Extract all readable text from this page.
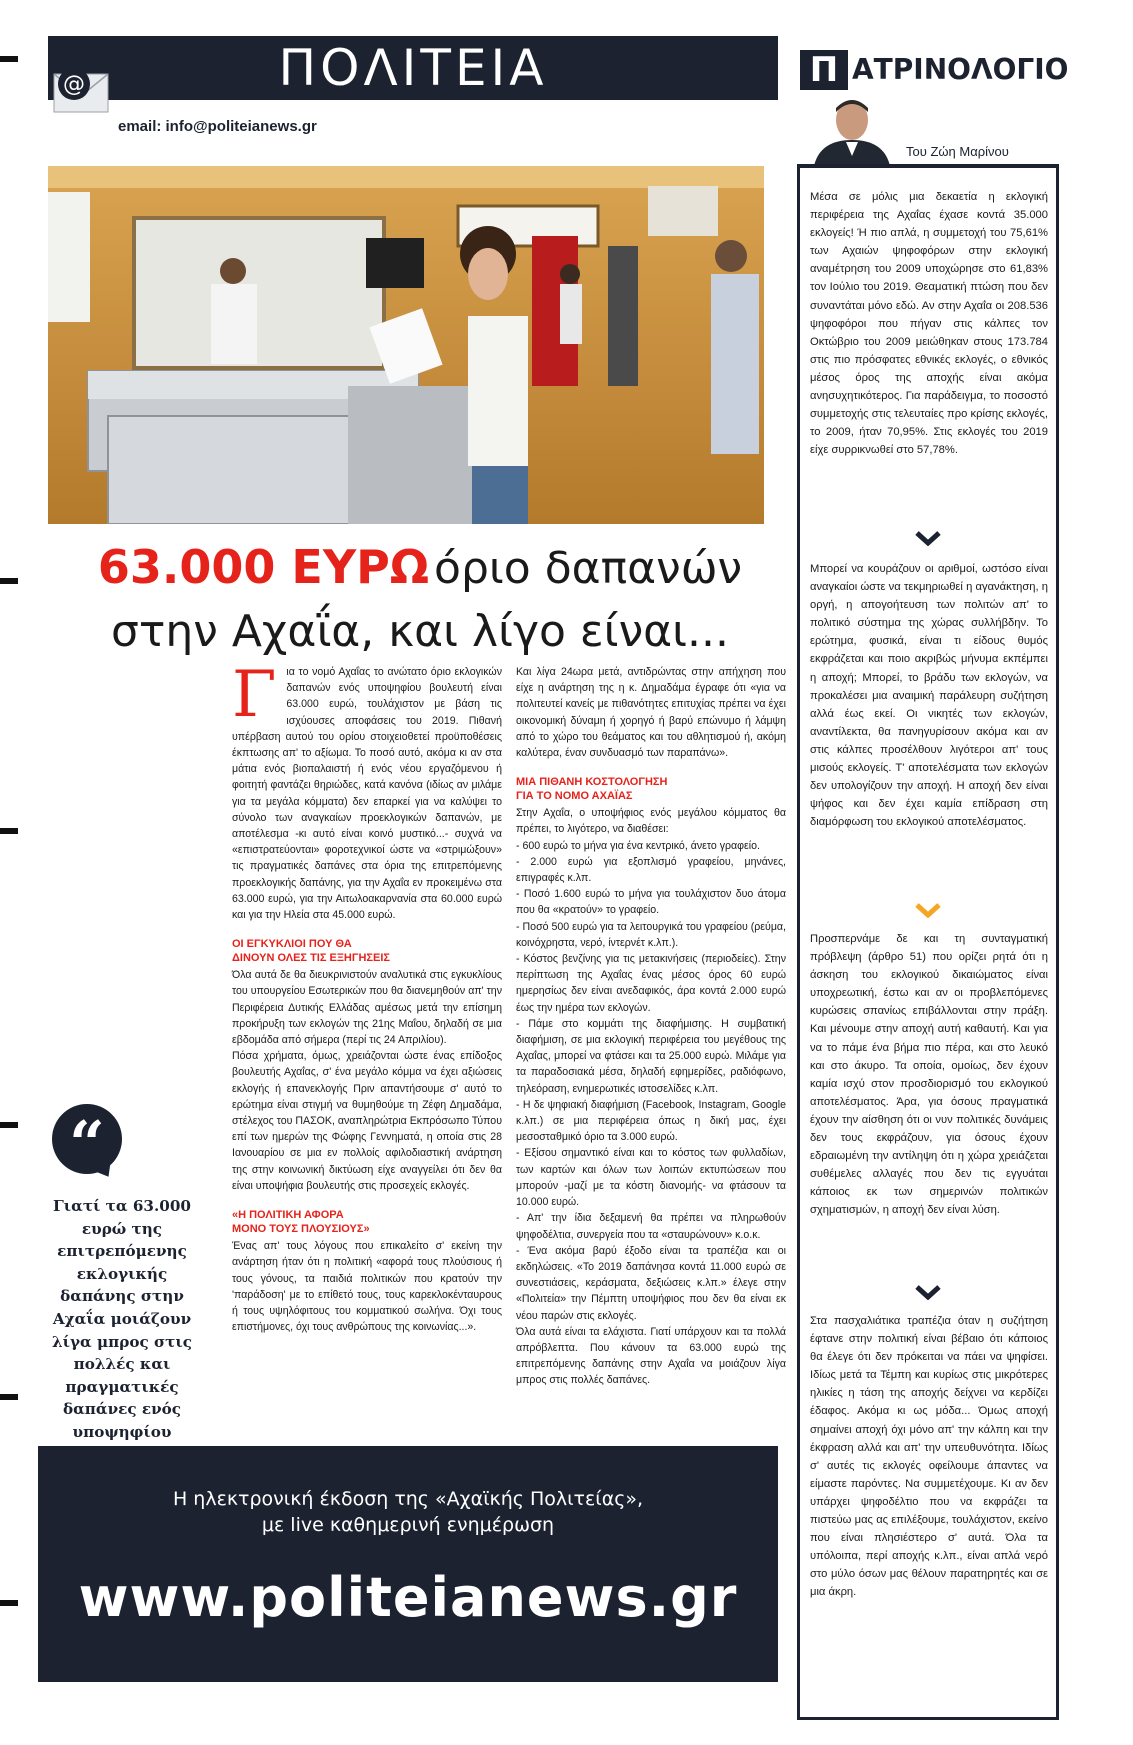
ΠΟΛΙΤΕΙΑ
@
email: info@politeianews.gr
63.000 ΕΥΡΩ όριο δαπανών
στην Αχαΐα, και λίγο είναι...
Γ ια το νομό Αχαΐας το ανώτατο όριο εκλογικών δαπανών ενός υποψηφίου βουλευτή είναι 63.000 ευρώ, τουλάχιστον με βάση τις ισχύουσες αποφάσεις του 2019. Πιθανή υπέρβαση αυτού του ορίου στοιχειοθετεί προϋποθέσεις έκπτωσης απ' το αξίωμα. Το ποσό αυτό, ακόμα κι αν στα μάτια ενός βιοπαλαιστή ή ενός νέου εργαζόμενου ή φοιτητή φαντάζει θηριώδες, κατά κανόνα (ιδίως αν μιλάμε για τα μεγάλα κόμματα) δεν επαρκεί για να καλύψει το σύνολο των αναγκαίων προεκλογικών δαπανών, με αποτέλεσμα -κι αυτό είναι κοινό μυστικό...- συχνά να «επιστρατεύονται» φοροτεχνικοί ώστε να «στριμώξουν» τις πραγματικές δαπάνες στα όρια της επιτρεπόμενης προεκλογικής δαπάνης, για την Αχαΐα εν προκειμένω στα 63.000 ευρώ, για την Αιτωλοακαρνανία στα 60.000 ευρώ και για την Ηλεία στα 45.000 ευρώ.

ΟΙ ΕΓΚΥΚΛΙΟΙ ΠΟΥ ΘΑ
ΔΙΝΟΥΝ ΟΛΕΣ ΤΙΣ ΕΞΗΓΗΣΕΙΣ

Όλα αυτά δε θα διευκρινιστούν αναλυτικά στις εγκυκλίους του υπουργείου Εσωτερικών που θα διανεμηθούν απ' την Περιφέρεια Δυτικής Ελλάδας αμέσως μετά την επίσημη προκήρυξη των εκλογών της 21ης Μαΐου, δηλαδή σε μια εβδομάδα από σήμερα (περί τις 24 Απριλίου).

Πόσα χρήματα, όμως, χρειάζονται ώστε ένας επίδοξος βουλευτής Αχαΐας, σ' ένα μεγάλο κόμμα να έχει αξιώσεις εκλογής ή επανεκλογής Πριν απαντήσουμε σ' αυτό το ερώτημα είναι στιγμή να θυμηθούμε τη Ζέφη Δημαδάμα, στέλεχος του ΠΑΣΟΚ, αναπληρώτρια Εκπρόσωπο Τύπου επί των ημερών της Φώφης Γεννηματά, η οποία στις 28 Ιανουαρίου σε μια εν πολλοίς αφιλοδιαστική ανάρτηση της στην κοινωνική δικτύωση είχε αναγγείλει ότι δεν θα είναι υποψήφια βουλευτής στις προσεχείς εκλογές.

«Η ΠΟΛΙΤΙΚΗ ΑΦΟΡΑ
ΜΟΝΟ ΤΟΥΣ ΠΛΟΥΣΙΟΥΣ»

Ένας απ' τους λόγους που επικαλείτο σ' εκείνη την ανάρτηση ήταν ότι η πολιτική «αφορά τους πλούσιους ή τους γόνους, τα παιδιά πολιτικών που κρατούν την 'παράδοση' με το επίθετό τους, τους καρεκλοκένταυρους ή τους υψηλόφιτους του κομματικού σωλήνα. Όχι τους επιστήμονες, όχι τους ανθρώπους της κοινωνίας...».

Και λίγα 24ωρα μετά, αντιδρώντας στην απήχηση που είχε η ανάρτηση της η κ. Δημαδάμα έγραφε ότι «για να πολιτευτεί κανείς με πιθανότητες επιτυχίας πρέπει να έχει οικονομική δύναμη ή χορηγό ή βαρύ επώνυμο ή λάμψη από το χώρο του θεάματος και του αθλητισμού ή, ακόμη καλύτερα, έναν συνδυασμό των παραπάνω».

ΜΙΑ ΠΙΘΑΝΗ ΚΟΣΤΟΛΟΓΗΣΗ
ΓΙΑ ΤΟ ΝΟΜΟ ΑΧΑΪΑΣ

Στην Αχαΐα, ο υποψήφιος ενός μεγάλου κόμματος θα πρέπει, το λιγότερο, να διαθέσει:

- 600 ευρώ το μήνα για ένα κεντρικό, άνετο γραφείο.

- 2.000 ευρώ για εξοπλισμό γραφείου, μηνάνες, επιγραφές κ.λπ.

- Ποσό 1.600 ευρώ το μήνα για τουλάχιστον δυο άτομα που θα «κρατούν» το γραφείο.

- Ποσό 500 ευρώ για τα λειτουργικά του γραφείου (ρεύμα, κοινόχρηστα, νερό, ίντερνέτ κ.λπ.).

- Κόστος βενζίνης για τις μετακινήσεις (περιοδείες). Στην περίπτωση της Αχαΐας ένας μέσος όρος 60 ευρώ ημερησίως δεν είναι ανεδαφικός, άρα κοντά 2.000 ευρώ έως την ημέρα των εκλογών.

- Πάμε στο κομμάτι της διαφήμισης. Η συμβατική διαφήμιση, σε μια εκλογική περιφέρεια του μεγέθους της Αχαΐας, μπορεί να φτάσει και τα 25.000 ευρώ. Μιλάμε για τα παραδοσιακά μέσα, δηλαδή εφημερίδες, ραδιόφωνο, τηλεόραση, ενημερωτικές ιστοσελίδες κ.λπ.

- Η δε ψηφιακή διαφήμιση (Facebook, Instagram, Google κ.λπ.) σε μια περιφέρεια όπως η δική μας, έχει μεσοσταθμικό όριο τα 3.000 ευρώ.

- Εξίσου σημαντικό είναι και το κόστος των φυλλαδίων, των καρτών και όλων των λοιπών εκτυπώσεων που μπορούν -μαζί με τα κόστη διανομής- να φτάσουν τα 10.000 ευρώ.

- Απ' την ίδια δεξαμενή θα πρέπει να πληρωθούν ψηφοδέλτια, συνεργεία που τα «σταυρώνουν» κ.ο.κ.

- Ένα ακόμα βαρύ έξοδο είναι τα τραπέζια και οι εκδηλώσεις. «Το 2019 δαπάνησα κοντά 11.000 ευρώ σε συνεστιάσεις, κεράσματα, δεξιώσεις κ.λπ.» έλεγε στην «Πολιτεία» την Πέμπτη υποψήφιος που δεν θα είναι εκ νέου παρών στις εκλογές.

Όλα αυτά είναι τα ελάχιστα. Γιατί υπάρχουν και τα πολλά απρόβλεπτα. Που κάνουν τα 63.000 ευρώ της επιτρεπόμενης δαπάνης στην Αχαΐα να μοιάζουν λίγα μπρος στις πολλές δαπάνες.

“
Γιατί τα 63.000 ευρώ της επιτρεπόμενης εκλογικής δαπάνης στην Αχαΐα μοιάζουν λίγα μπρος στις πολλές και πραγματικές δαπάνες ενός υποψηφίου
Η ηλεκτρονική έκδοση της «Αχαϊκής Πολιτείας»,
με live καθημερινή ενημέρωση
www.politeianews.gr
Π ΑΤΡΙΝΟΛΟΓΙΟ
Του Ζώη Μαρίνου
Μέσα σε μόλις μια δεκαετία η εκλογική περιφέρεια της Αχαΐας έχασε κοντά 35.000 εκλογείς! Ή πιο απλά, η συμμετοχή του 75,61% των Αχαιών ψηφοφόρων στην εκλογική αναμέτρηση του 2009 υποχώρησε στο 61,83% τον Ιούλιο του 2019. Θεαματική πτώση που δεν συναντάται μόνο εδώ. Αν στην Αχαΐα οι 208.536 ψηφοφόροι που πήγαν στις κάλπες τον Οκτώβριο του 2009 μειώθηκαν στους 173.784 στις πιο πρόσφατες εθνικές εκλογές, ο εθνικός μέσος όρος της αποχής είναι ακόμα ανησυχητικότερος. Για παράδειγμα, το ποσοστό συμμετοχής στις τελευταίες προ κρίσης εκλογές, το 2009, ήταν 70,95%. Στις εκλογές του 2019 είχε συρρικνωθεί στο 57,78%.
Μπορεί να κουράζουν οι αριθμοί, ωστόσο είναι αναγκαίοι ώστε να τεκμηριωθεί η αγανάκτηση, η οργή, η απογοήτευση των πολιτών απ' το πολιτικό σύστημα της χώρας συλλήβδην. Το ερώτημα, φυσικά, είναι τι είδους θυμός εκφράζεται και ποιο ακριβώς μήνυμα εκπέμπει η αποχή; Μπορεί, το βράδυ των εκλογών, να προκαλέσει μια αναιμική παράλευρη συζήτηση αλλά έως εκεί. Οι νικητές των εκλογών, αναντίλεκτα, θα πανηγυρίσουν ακόμα και αν στις κάλπες προσέλθουν λιγότεροι απ' τους μισούς εκλογείς. Τ' αποτελέσματα των εκλογών δεν υπολογίζουν την αποχή. Η αποχή δεν είναι ψήφος και δεν έχει καμία επίδραση στη διαμόρφωση του εκλογικού αποτελέσματος.
Προσπερνάμε δε και τη συνταγματική πρόβλεψη (άρθρο 51) που ορίζει ρητά ότι η άσκηση του εκλογικού δικαιώματος είναι υποχρεωτική, έστω και αν οι προβλεπόμενες κυρώσεις σπανίως επιβάλλονται στην πράξη. Και μένουμε στην αποχή αυτή καθαυτή. Και για να το πάμε ένα βήμα πιο πέρα, και στο λευκό και στο άκυρο. Τα οποία, ομοίως, δεν έχουν καμία ισχύ στον προσδιορισμό του εκλογικού αποτελέσματος. Άρα, για όσους πραγματικά έχουν την αίσθηση ότι οι νυν πολιτικές δυνάμεις δεν τους εκφράζουν, για όσους έχουν εδραιωμένη την αντίληψη ότι η χώρα χρειάζεται συθέμελες αλλαγές που δεν τις εγγυάται κάποιος εκ των σημερινών πολιτικών σχηματισμών, η αποχή δεν είναι λύση.
Στα πασχαλιάτικα τραπέζια όταν η συζήτηση έφτανε στην πολιτική είναι βέβαιο ότι κάποιος θα έλεγε ότι δεν πρόκειται να πάει να ψηφίσει. Ιδίως μετά τα Τέμπη και κυρίως στις μικρότερες ηλικίες η τάση της αποχής δείχνει να κερδίζει έδαφος. Ακόμα κι ως μόδα... Όμως αποχή σημαίνει αποχή όχι μόνο απ' την κάλπη και την έκφραση αλλά και απ' την υπευθυνότητα. Ιδίως σ' αυτές τις εκλογές οφείλουμε άπαντες να είμαστε παρόντες. Να συμμετέχουμε. Κι αν δεν υπάρχει ψηφοδέλτιο που να εκφράζει τα πιστεύω μας ας επιλέξουμε, τουλάχιστον, εκείνο που είναι πλησιέστερο σ' αυτά. Όλα τα υπόλοιπα, περί αποχής κ.λπ., είναι απλά νερό στο μύλο όσων μας θέλουν παρατηρητές και σε μια άκρη.
